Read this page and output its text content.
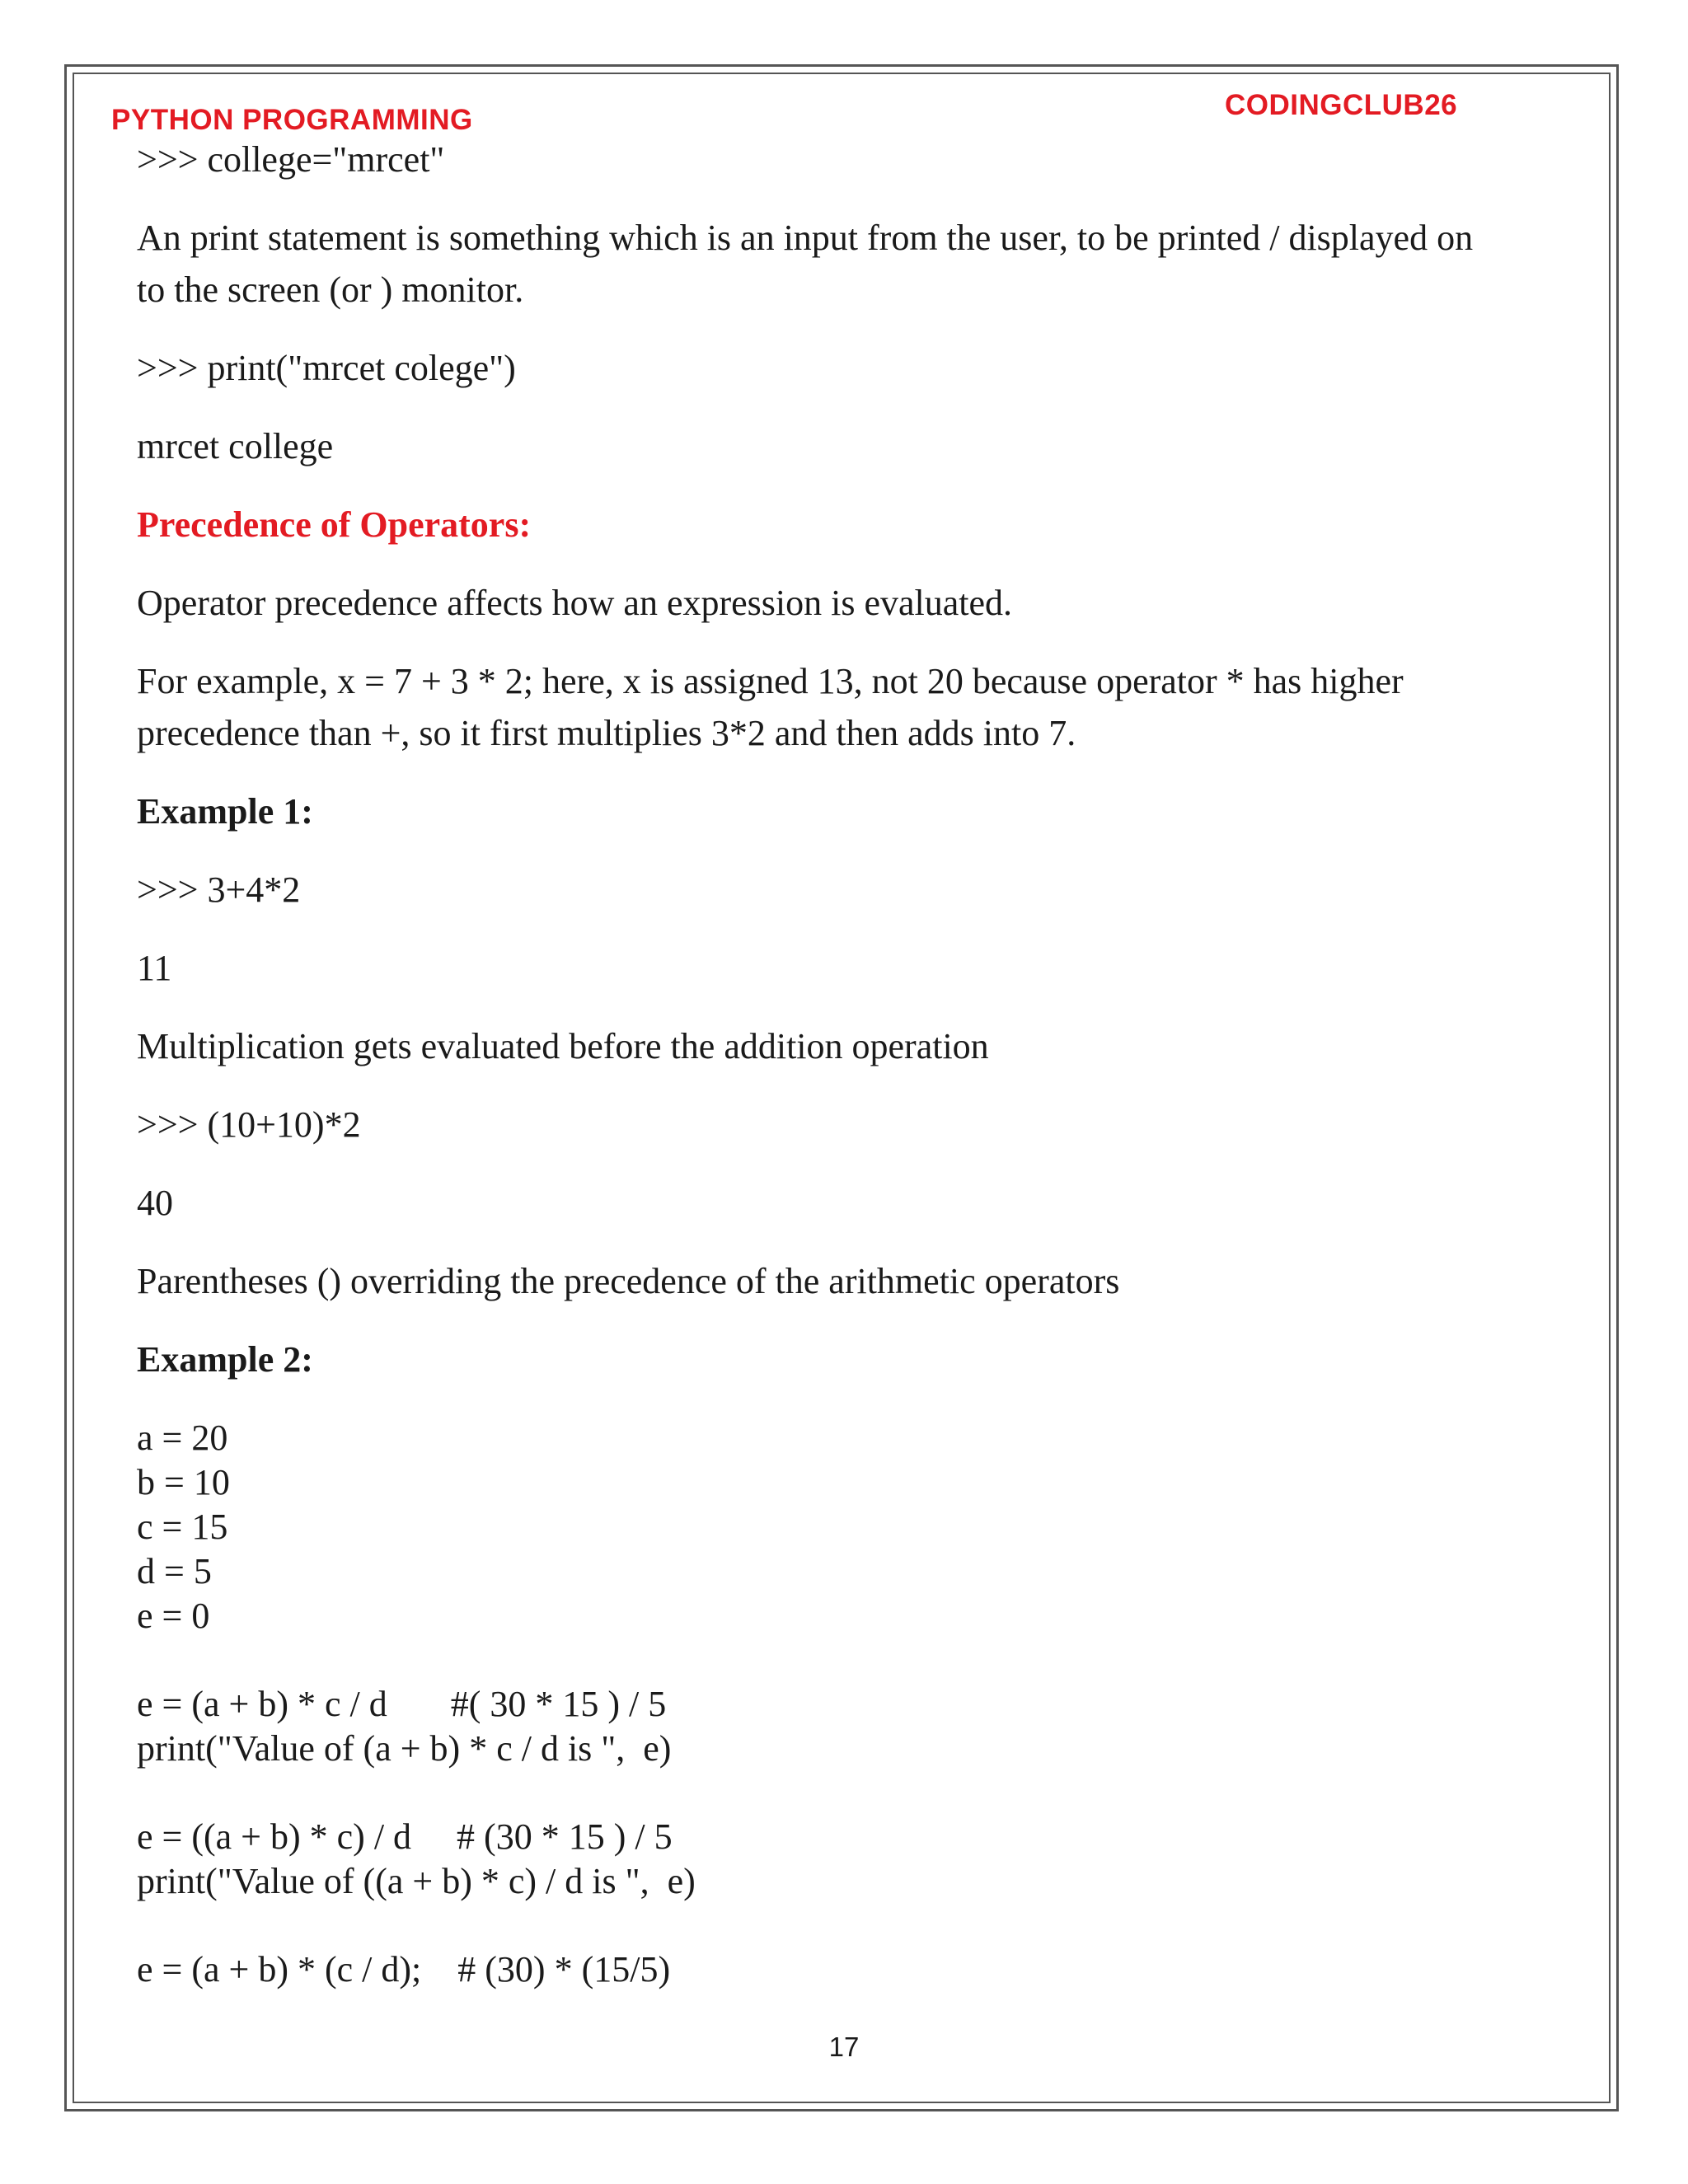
PYTHON PROGRAMMING	CODINGCLUB26
>>> college="mrcet"
An print statement is something which is an input from the user, to be printed / displayed on
to the screen (or ) monitor.
>>> print("mrcet colege")
mrcet college
Precedence of Operators:
Operator precedence affects how an expression is evaluated.
For example, x = 7 + 3 * 2; here, x is assigned 13, not 20 because operator * has higher
precedence than +, so it first multiplies 3*2 and then adds into 7.
Example 1:
>>> 3+4*2
11
Multiplication gets evaluated before the addition operation
>>> (10+10)*2
40
Parentheses () overriding the precedence of the arithmetic operators
Example 2:
a = 20
b = 10
c = 15
d = 5
e = 0
e = (a + b) * c / d       #( 30 * 15 ) / 5
print("Value of (a + b) * c / d is ",  e)
e = ((a + b) * c) / d     # (30 * 15 ) / 5
print("Value of ((a + b) * c) / d is ",  e)
e = (a + b) * (c / d);    # (30) * (15/5)
17
